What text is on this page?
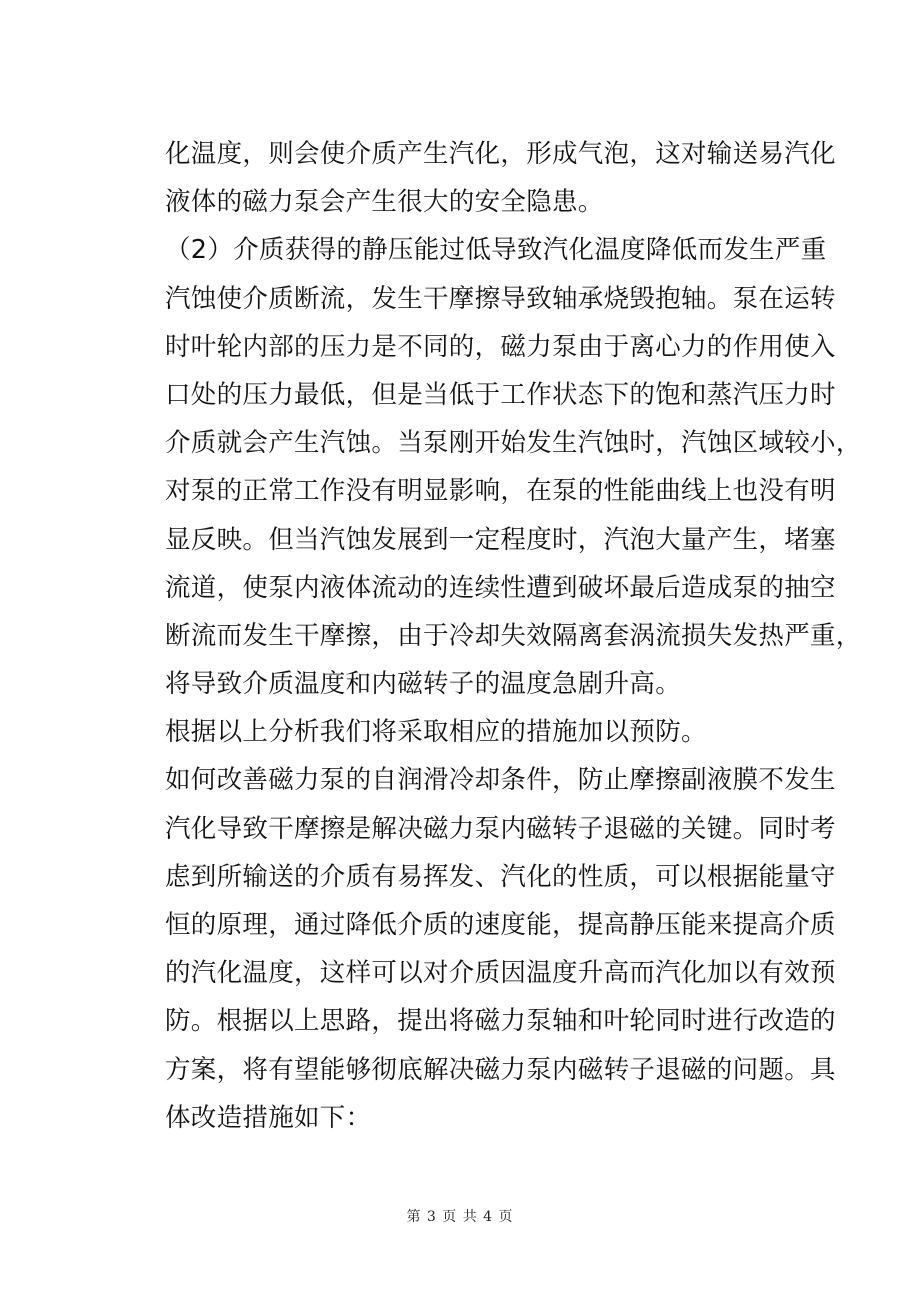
化温度，则会使介质产生汽化，形成气泡，这对输送易汽化
液体的磁力泵会产生很大的安全隐患。
（2）介质获得的静压能过低导致汽化温度降低而发生严重
汽蚀使介质断流，发生干摩擦导致轴承烧毁抱轴。泵在运转
时叶轮内部的压力是不同的，磁力泵由于离心力的作用使入
口处的压力最低，但是当低于工作状态下的饱和蒸汽压力时
介质就会产生汽蚀。当泵刚开始发生汽蚀时，汽蚀区域较小，
对泵的正常工作没有明显影响，在泵的性能曲线上也没有明
显反映。但当汽蚀发展到一定程度时，汽泡大量产生，堵塞
流道，使泵内液体流动的连续性遭到破坏最后造成泵的抽空
断流而发生干摩擦，由于冷却失效隔离套涡流损失发热严重，
将导致介质温度和内磁转子的温度急剧升高。
根据以上分析我们将采取相应的措施加以预防。
如何改善磁力泵的自润滑冷却条件，防止摩擦副液膜不发生
汽化导致干摩擦是解决磁力泵内磁转子退磁的关键。同时考
虑到所输送的介质有易挥发、汽化的性质，可以根据能量守
恒的原理，通过降低介质的速度能，提高静压能来提高介质
的汽化温度，这样可以对介质因温度升高而汽化加以有效预
防。根据以上思路，提出将磁力泵轴和叶轮同时进行改造的
方案，将有望能够彻底解决磁力泵内磁转子退磁的问题。具
体改造措施如下：
第 3 页 共 4 页
